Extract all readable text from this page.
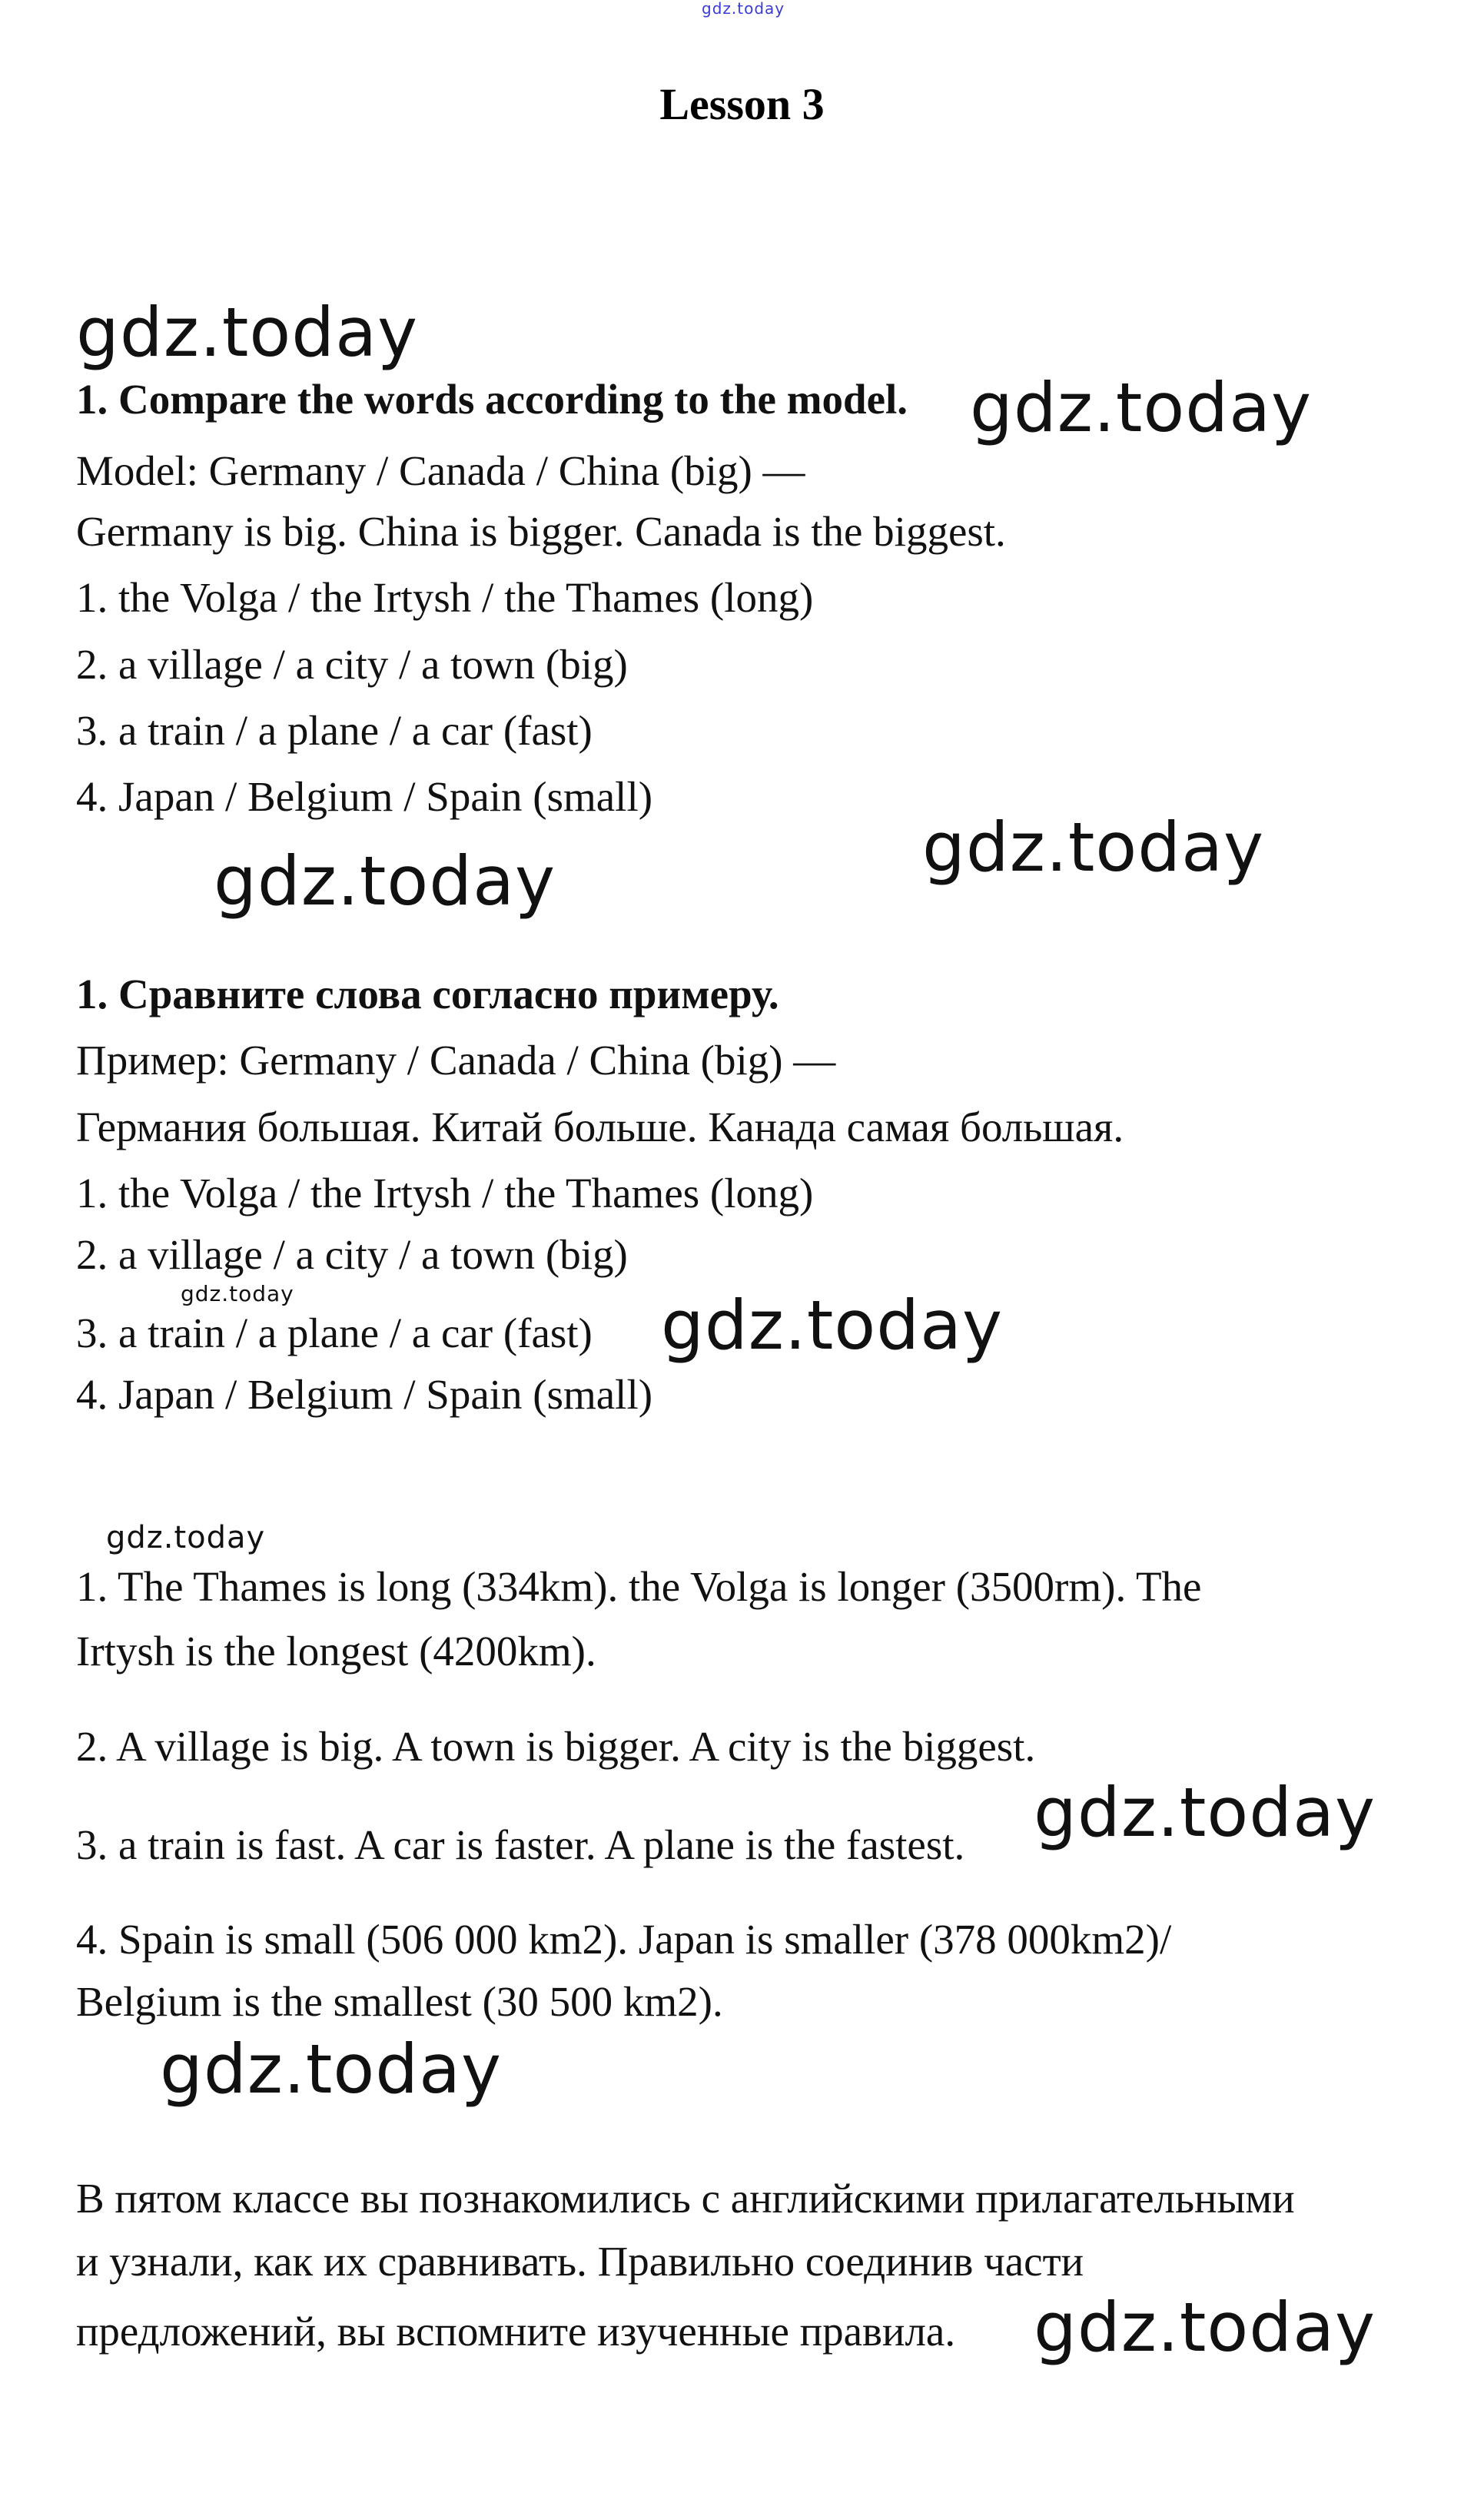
gdz.today
Lesson 3
gdz.today
1. Compare the words according to the model. gdz.today
Model: Germany / Canada / China (big) —
Germany is big. China is bigger. Canada is the biggest.
1. the Volga / the Irtysh / the Thames (long)
2. a village / a city / a town (big)
3. a train / a plane / a car (fast)
4. Japan / Belgium / Spain (small)
gdz.today
gdz.today
1. Сравните слова согласно примеру.
Пример: Germany / Canada / China (big) —
Германия большая. Китай больше. Канада самая большая.
1. the Volga / the Irtysh / the Thames (long)
2. a village / a city / a town (big)
gdz.today
3. a train / a plane / a car (fast) gdz.today
4. Japan / Belgium / Spain (small)
gdz.today
1. The Thames is long (334km). the Volga is longer (3500rm). The
Irtysh is the longest (4200km).
2. A village is big. A town is bigger. A city is the biggest.
3. a train is fast. A car is faster. A plane is the fastest. gdz.today
4. Spain is small (506 000 km2). Japan is smaller (378 000km2)/
Belgium is the smallest (30 500 km2).
gdz.today
В пятом классе вы познакомились с английскими прилагательными
и узнали, как их сравнивать. Правильно соединив части
предложений, вы вспомните изученные правила. gdz.today
